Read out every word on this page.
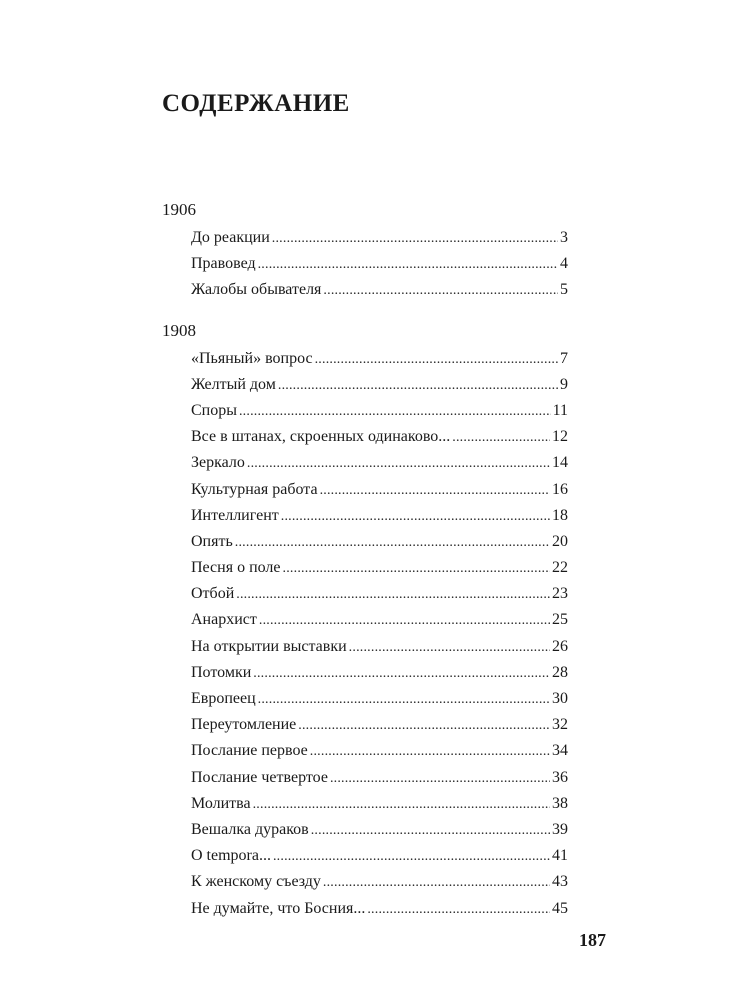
СОДЕРЖАНИЕ
1906
До реакции .....	3
Правовед .....	4
Жалобы обывателя .....	5
1908
«Пьяный» вопрос .....	7
Желтый дом .....	9
Споры .....	11
Все в штанах, скроенных одинаково... .....	12
Зеркало .....	14
Культурная работа .....	16
Интеллигент .....	18
Опять .....	20
Песня о поле .....	22
Отбой .....	23
Анархист .....	25
На открытии выставки .....	26
Потомки .....	28
Европеец .....	30
Переутомление .....	32
Послание первое .....	34
Послание четвертое .....	36
Молитва .....	38
Вешалка дураков .....	39
O tempora... .....	41
К женскому съезду .....	43
Не думайте, что Босния... .....	45
187
